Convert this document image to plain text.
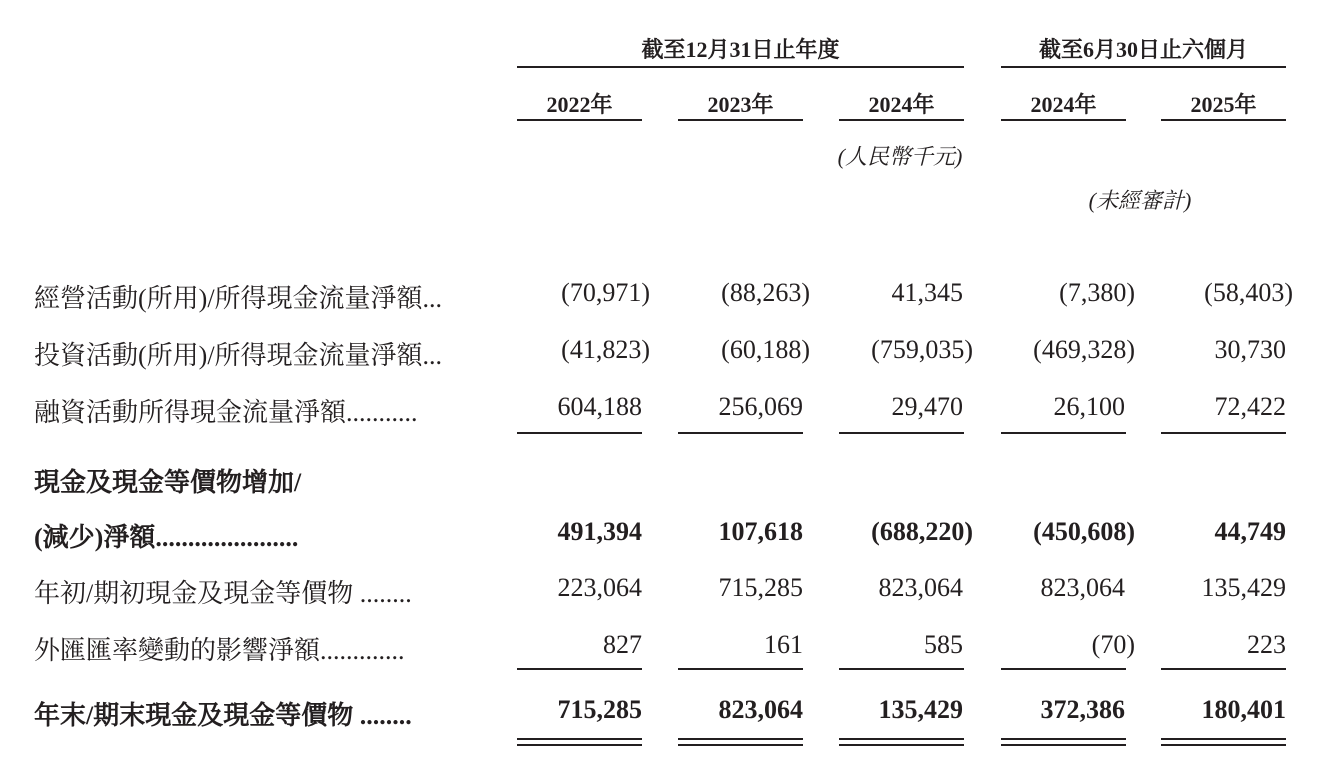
截至12月31日止年度	截至6月30日止六個月
2022年	2023年	2024年	2024年	2025年
(人民幣千元)
(未經審計)
經營活動(所用)/所得現金流量淨額...	(70,971)	(88,263)	41,345	(7,380)	(58,403)
投資活動(所用)/所得現金流量淨額...	(41,823)	(60,188)	(759,035)	(469,328)	30,730
融資活動所得現金流量淨額...........	604,188	256,069	29,470	26,100	72,422
現金及現金等價物增加/
(減少)淨額......................	491,394	107,618	(688,220)	(450,608)	44,749
年初/期初現金及現金等價物 ........	223,064	715,285	823,064	823,064	135,429
外匯匯率變動的影響淨額.............	827	161	585	(70)	223
年末/期末現金及現金等價物 ........	715,285	823,064	135,429	372,386	180,401
